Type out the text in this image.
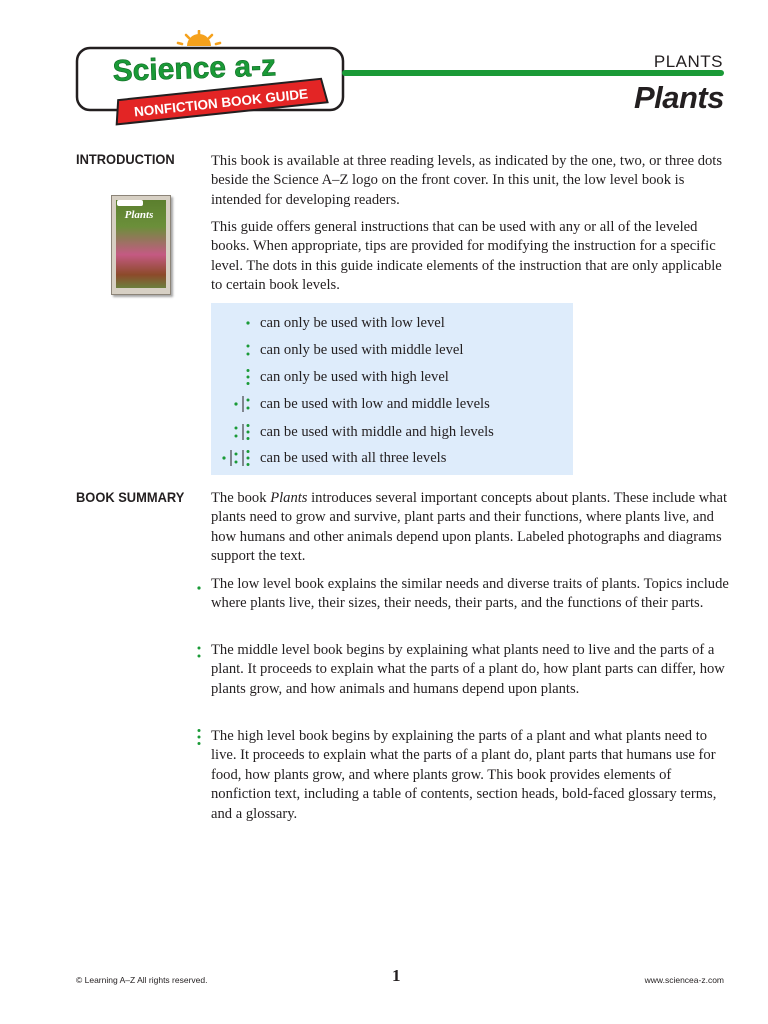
Science a-z
NONFICTION BOOK GUIDE
PLANTS
Plants
INTRODUCTION
Plants
This book is available at three reading levels, as indicated by the one, two, or three dots beside the Science A–Z logo on the front cover. In this unit, the low level book is intended for developing readers.
This guide offers general instructions that can be used with any or all of the leveled books. When appropriate, tips are provided for modifying the instruction for a specific level. The dots in this guide indicate elements of the instruction that are only applicable to certain book levels.
can only be used with low level
can only be used with middle level
can only be used with high level
can be used with low and middle levels
can be used with middle and high levels
can be used with all three levels
BOOK SUMMARY The book Plants introduces several important concepts about plants. These include what plants need to grow and survive, plant parts and their functions, where plants live, and how humans and other animals depend upon plants. Labeled photographs and diagrams support the text.
The low level book explains the similar needs and diverse traits of plants. Topics include where plants live, their sizes, their needs, their parts, and the functions of their parts.
The middle level book begins by explaining what plants need to live and the parts of a plant. It proceeds to explain what the parts of a plant do, how plant parts can differ, how plants grow, and how animals and humans depend upon plants.
The high level book begins by explaining the parts of a plant and what plants need to live. It proceeds to explain what the parts of a plant do, plant parts that humans use for food, how plants grow, and where plants grow. This book provides elements of nonfiction text, including a table of contents, section heads, bold-faced glossary terms, and a glossary.
© Learning A–Z All rights reserved.	1	www.sciencea-z.com
